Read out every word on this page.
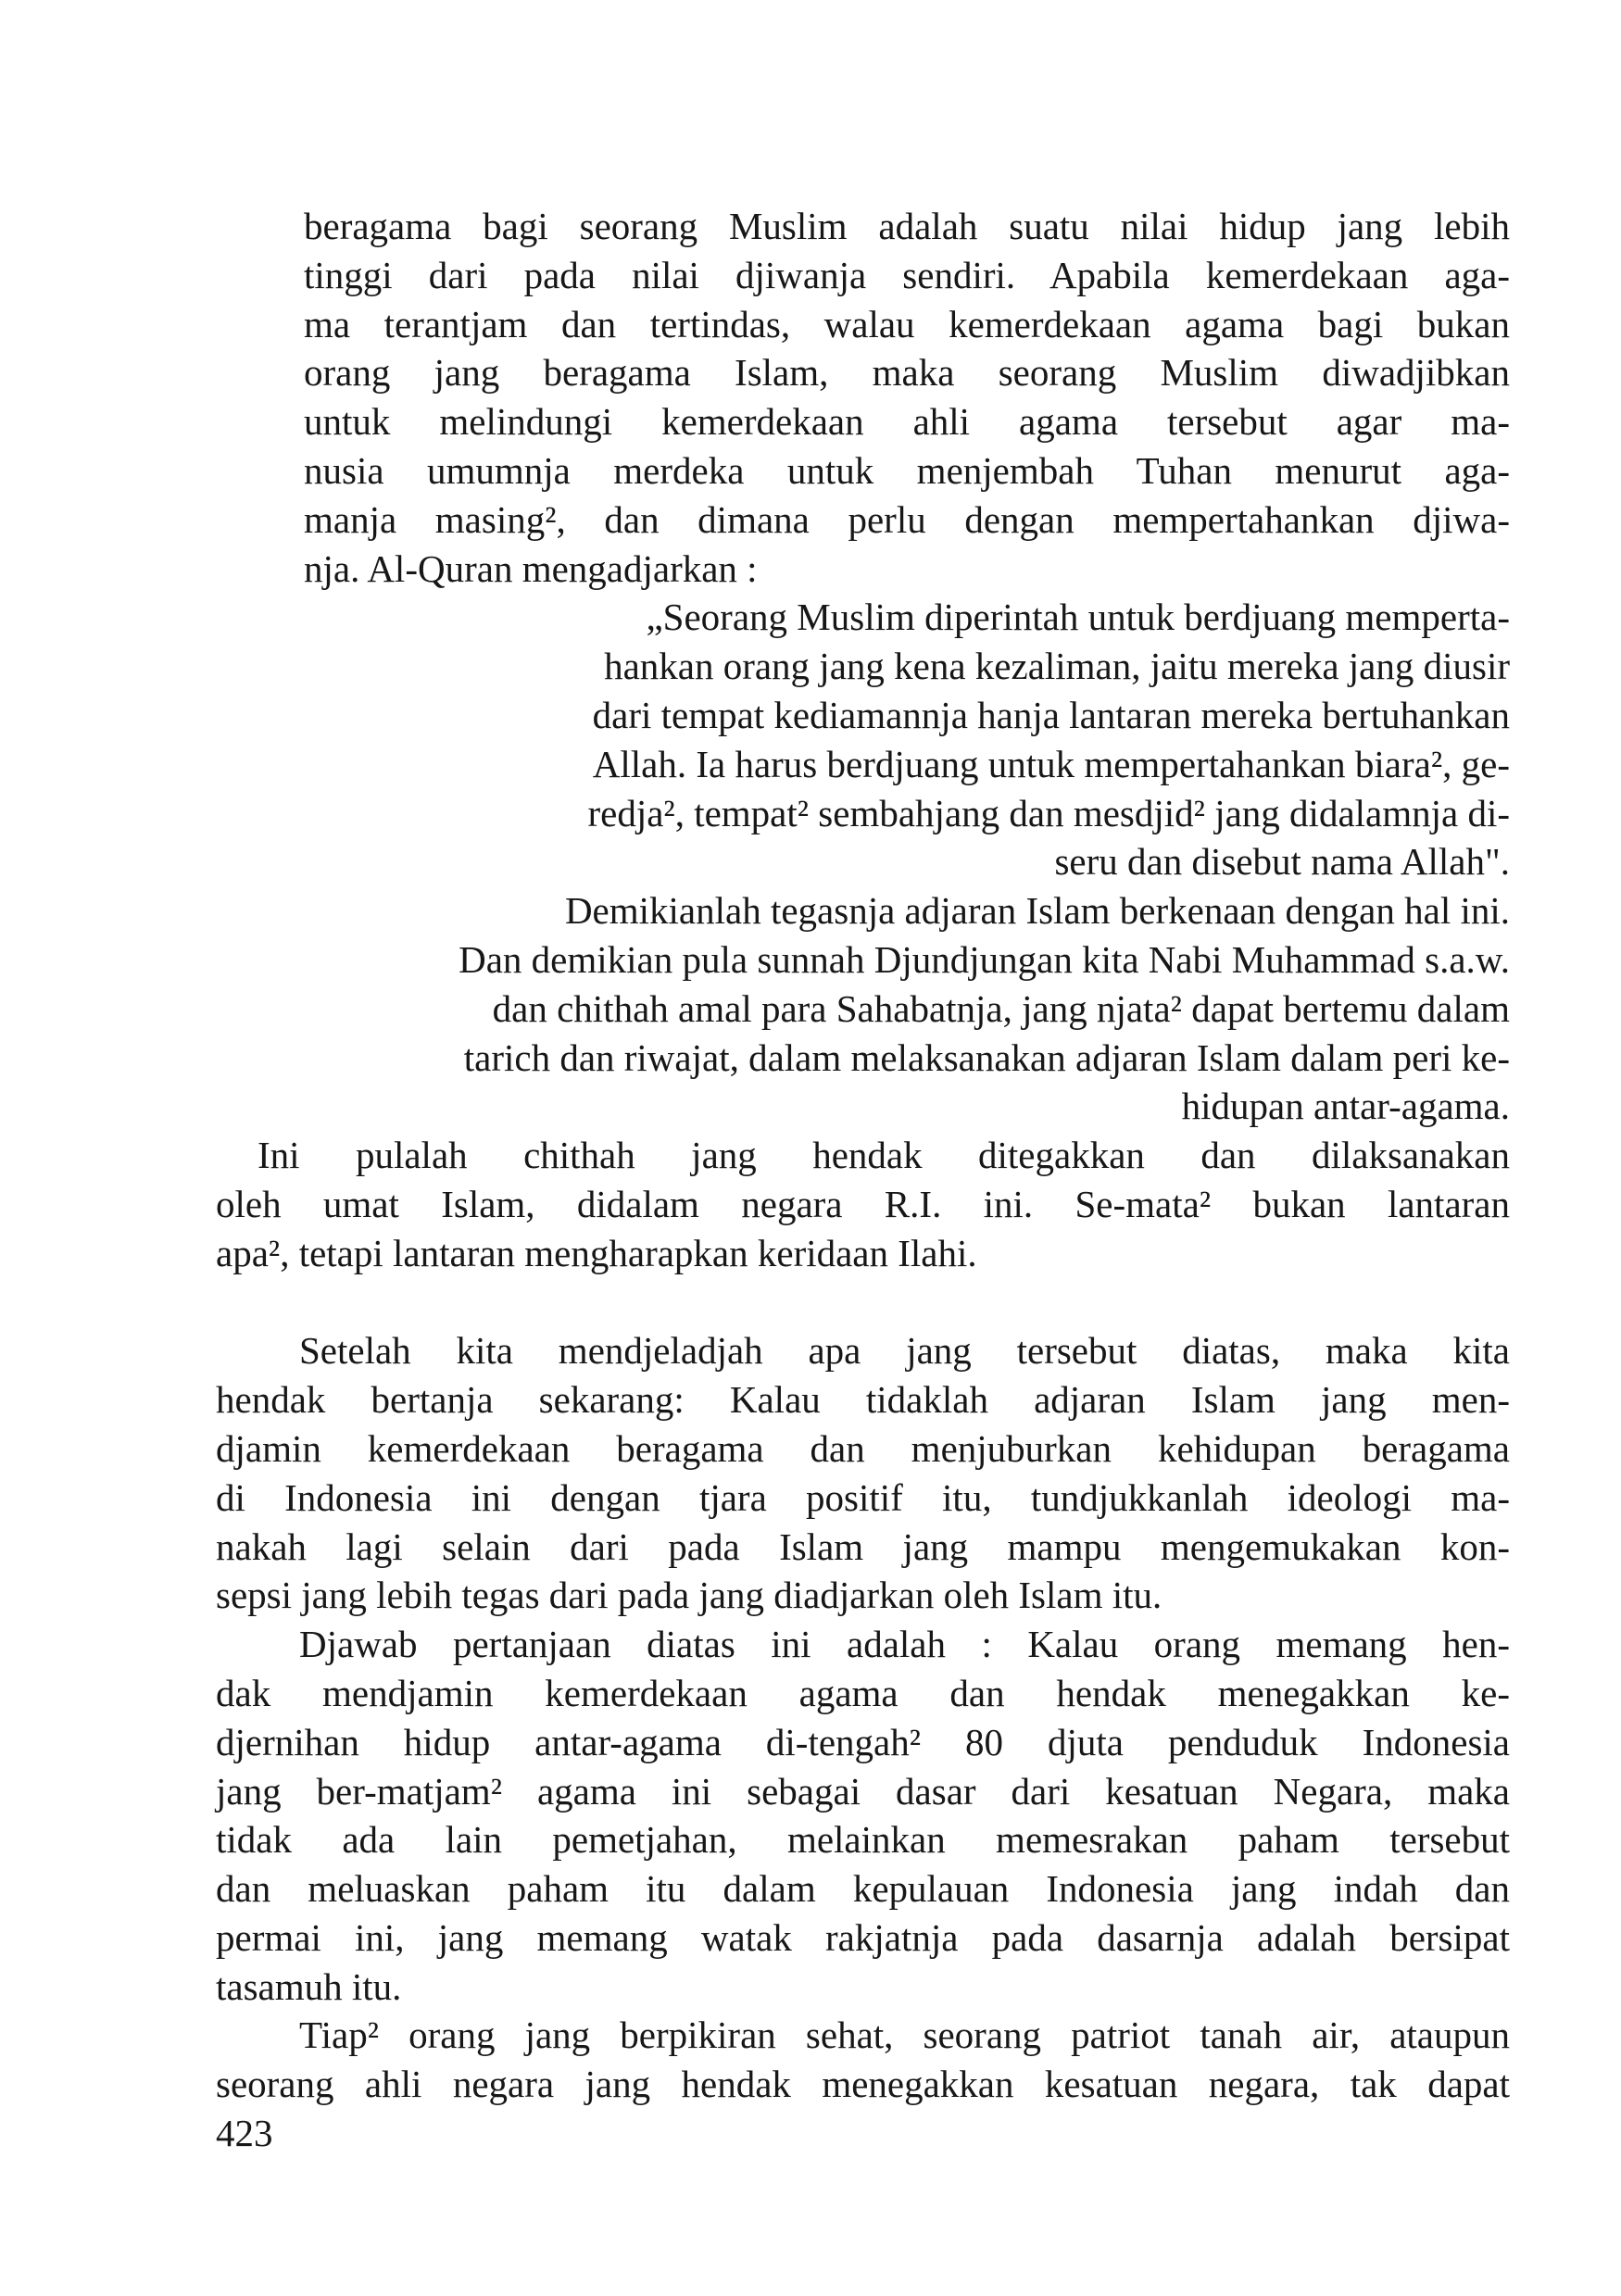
beragama bagi seorang Muslim adalah suatu nilai hidup jang lebih
tinggi dari pada nilai djiwanja sendiri. Apabila kemerdekaan aga-
ma terantjam dan tertindas, walau kemerdekaan agama bagi bukan
orang jang beragama Islam, maka seorang Muslim diwadjibkan
untuk melindungi kemerdekaan ahli agama tersebut agar ma-
nusia umumnja merdeka untuk menjembah Tuhan menurut aga-
manja masing², dan dimana perlu dengan mempertahankan djiwa-
nja. Al-Quran mengadjarkan :
„Seorang Muslim diperintah untuk berdjuang memperta-
hankan orang jang kena kezaliman, jaitu mereka jang diusir
dari tempat kediamannja hanja lantaran mereka bertuhankan
Allah. Ia harus berdjuang untuk mempertahankan biara², ge-
redja², tempat² sembahjang dan mesdjid² jang didalamnja di-
seru dan disebut nama Allah".
Demikianlah tegasnja adjaran Islam berkenaan dengan hal ini.
Dan demikian pula sunnah Djundjungan kita Nabi Muhammad s.a.w.
dan chithah amal para Sahabatnja, jang njata² dapat bertemu dalam
tarich dan riwajat, dalam melaksanakan adjaran Islam dalam peri ke-
hidupan antar-agama.
Ini pulalah chithah jang hendak ditegakkan dan dilaksanakan
oleh umat Islam, didalam negara R.I. ini. Se-mata² bukan lantaran
apa², tetapi lantaran mengharapkan keridaan Ilahi.
Setelah kita mendjeladjah apa jang tersebut diatas, maka kita
hendak bertanja sekarang: Kalau tidaklah adjaran Islam jang men-
djamin kemerdekaan beragama dan menjuburkan kehidupan beragama
di Indonesia ini dengan tjara positif itu, tundjukkanlah ideologi ma-
nakah lagi selain dari pada Islam jang mampu mengemukakan kon-
sepsi jang lebih tegas dari pada jang diadjarkan oleh Islam itu.
Djawab pertanjaan diatas ini adalah : Kalau orang memang hen-
dak mendjamin kemerdekaan agama dan hendak menegakkan ke-
djernihan hidup antar-agama di-tengah² 80 djuta penduduk Indonesia
jang ber-matjam² agama ini sebagai dasar dari kesatuan Negara, maka
tidak ada lain pemetjahan, melainkan memesrakan paham tersebut
dan meluaskan paham itu dalam kepulauan Indonesia jang indah dan
permai ini, jang memang watak rakjatnja pada dasarnja adalah bersipat
tasamuh itu.
Tiap² orang jang berpikiran sehat, seorang patriot tanah air, ataupun
seorang ahli negara jang hendak menegakkan kesatuan negara, tak dapat
423
